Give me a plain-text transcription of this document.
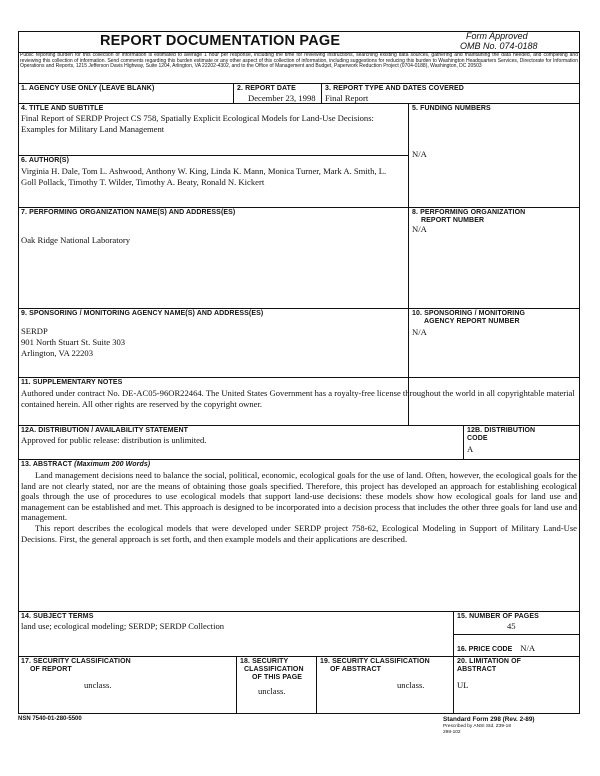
REPORT DOCUMENTATION PAGE	Form Approved
OMB No. 074-0188
Public reporting burden for this collection of information is estimated to average 1 hour per response, including the time for reviewing instructions, searching existing data sources, gathering and maintaining the data needed, and completing and reviewing this collection of information. Send comments regarding this burden estimate or any other aspect of this collection of information, including suggestions for reducing this burden to Washington Headquarters Services, Directorate for Information Operations and Reports, 1215 Jefferson Davis Highway, Suite 1204, Arlington, VA 22202-4302, and to the Office of Management and Budget, Paperwork Reduction Project (0704-0188), Washington, DC 20503
1. AGENCY USE ONLY (LEAVE BLANK)	2. REPORT DATE
December 23, 1998
3. REPORT TYPE AND DATES COVERED
Final Report
4. TITLE AND SUBTITLE
Final Report of SERDP Project CS 758, Spatially Explicit Ecological Models for Land-Use Decisions: Examples for Military Land Management
5. FUNDING NUMBERS
N/A
6. AUTHOR(S)
Virginia H. Dale, Tom L. Ashwood, Anthony W. King, Linda K. Mann, Monica Turner, Mark A. Smith, L. Goll Pollack, Timothy T. Wilder, Timothy A. Beaty, Ronald N. Kickert
7. PERFORMING ORGANIZATION NAME(S) AND ADDRESS(ES)
Oak Ridge National Laboratory
8. PERFORMING ORGANIZATION
REPORT NUMBER
N/A
9. SPONSORING / MONITORING AGENCY NAME(S) AND ADDRESS(ES)
SERDP
901 North Stuart St. Suite 303
Arlington, VA 22203
10. SPONSORING / MONITORING
AGENCY REPORT NUMBER
N/A
11. SUPPLEMENTARY NOTES
Authored under contract No. DE-AC05-96OR22464. The United States Government has a royalty-free license throughout the world in all copyrightable material contained herein. All other rights are reserved by the copyright owner.
12A. DISTRIBUTION / AVAILABILITY STATEMENT
Approved for public release: distribution is unlimited.
12B. DISTRIBUTION
CODE
A
13. ABSTRACT (Maximum 200 Words)
Land management decisions need to balance the social, political, economic, ecological goals for the use of land. Often, however, the ecological goals for the land are not clearly stated, nor are the means of obtaining those goals specified. Therefore, this project has developed an approach for establishing ecological goals through the use of procedures to use ecological models that support land-use decisions: these models show how ecological goals for land use and management can be established and met. This approach is designed to be incorporated into a decision process that includes the other three goals for land use and management.
This report describes the ecological models that were developed under SERDP project 758-62, Ecological Modeling in Support of Military Land-Use Decisions. First, the general approach is set forth, and then example models and their applications are described.
14. SUBJECT TERMS
land use; ecological modeling; SERDP; SERDP Collection
15. NUMBER OF PAGES
45
16. PRICE CODE N/A
17. SECURITY CLASSIFICATION
OF REPORT
unclass.
18. SECURITY
CLASSIFICATION
OF THIS PAGE
unclass.
19. SECURITY CLASSIFICATION
OF ABSTRACT
unclass.
20. LIMITATION OF
ABSTRACT
UL
NSN 7540-01-280-5500	Standard Form 298 (Rev. 2-89)
Prescribed by ANSI Std. Z39-18
298-102
